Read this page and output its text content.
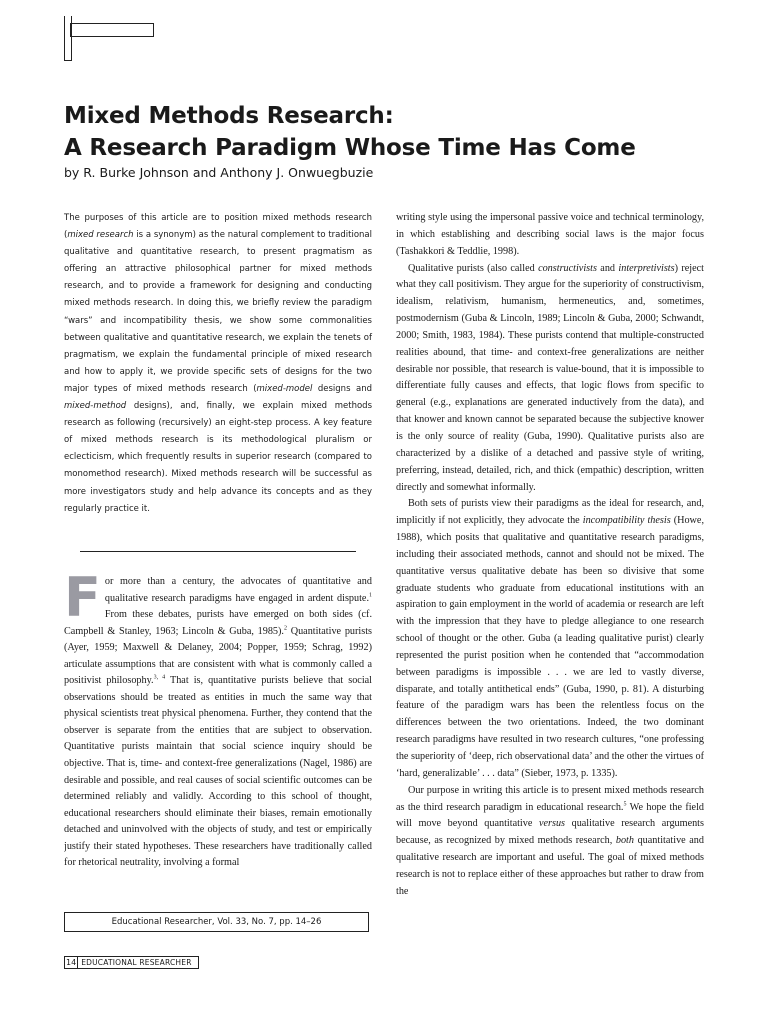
Mixed Methods Research:
A Research Paradigm Whose Time Has Come
by R. Burke Johnson and Anthony J. Onwuegbuzie

The purposes of this article are to position mixed methods research (mixed research is a synonym) as the natural complement to traditional qualitative and quantitative research, to present pragmatism as offering an attractive philosophical partner for mixed methods research, and to provide a framework for designing and conducting mixed methods research. In doing this, we briefly review the paradigm “wars” and incompatibility thesis, we show some commonalities between qualitative and quantitative research, we explain the tenets of pragmatism, we explain the fundamental principle of mixed research and how to apply it, we provide specific sets of designs for the two major types of mixed methods research (mixed-model designs and mixed-method designs), and, finally, we explain mixed methods research as following (recursively) an eight-step process. A key feature of mixed methods research is its methodological pluralism or eclecticism, which frequently results in superior research (compared to monomethod research). Mixed methods research will be successful as more investigators study and help advance its concepts and as they regularly practice it.

For more than a century, the advocates of quantitative and qualitative research paradigms have engaged in ardent dispute.$^1$ From these debates, purists have emerged on both sides (cf. Campbell & Stanley, 1963; Lincoln & Guba, 1985).$^2$ Quantitative purists (Ayer, 1959; Maxwell & Delaney, 2004; Popper, 1959; Schrag, 1992) articulate assumptions that are consistent with what is commonly called a positivist philosophy.$^{3, 4}$ That is, quantitative purists believe that social observations should be treated as entities in much the same way that physical scientists treat physical phenomena. Further, they contend that the observer is separate from the entities that are subject to observation. Quantitative purists maintain that social science inquiry should be objective. That is, time- and context-free generalizations (Nagel, 1986) are desirable and possible, and real causes of social scientific outcomes can be determined reliably and validly. According to this school of thought, educational researchers should eliminate their biases, remain emotionally detached and uninvolved with the objects of study, and test or empirically justify their stated hypotheses. These researchers have traditionally called for rhetorical neutrality, involving a formal

writing style using the impersonal passive voice and technical terminology, in which establishing and describing social laws is the major focus (Tashakkori & Teddlie, 1998).

Qualitative purists (also called constructivists and interpretivists) reject what they call positivism. They argue for the superiority of constructivism, idealism, relativism, humanism, hermeneutics, and, sometimes, postmodernism (Guba & Lincoln, 1989; Lincoln & Guba, 2000; Schwandt, 2000; Smith, 1983, 1984). These purists contend that multiple-constructed realities abound, that time- and context-free generalizations are neither desirable nor possible, that research is value-bound, that it is impossible to differentiate fully causes and effects, that logic flows from specific to general (e.g., explanations are generated inductively from the data), and that knower and known cannot be separated because the subjective knower is the only source of reality (Guba, 1990). Qualitative purists also are characterized by a dislike of a detached and passive style of writing, preferring, instead, detailed, rich, and thick (empathic) description, written directly and somewhat informally.

Both sets of purists view their paradigms as the ideal for research, and, implicitly if not explicitly, they advocate the incompatibility thesis (Howe, 1988), which posits that qualitative and quantitative research paradigms, including their associated methods, cannot and should not be mixed. The quantitative versus qualitative debate has been so divisive that some graduate students who graduate from educational institutions with an aspiration to gain employment in the world of academia or research are left with the impression that they have to pledge allegiance to one research school of thought or the other. Guba (a leading qualitative purist) clearly represented the purist position when he contended that “accommodation between paradigms is impossible . . . we are led to vastly diverse, disparate, and totally antithetical ends” (Guba, 1990, p. 81). A disturbing feature of the paradigm wars has been the relentless focus on the differences between the two orientations. Indeed, the two dominant research paradigms have resulted in two research cultures, “one professing the superiority of ‘deep, rich observational data’ and the other the virtues of ‘hard, generalizable’ . . . data” (Sieber, 1973, p. 1335).

Our purpose in writing this article is to present mixed methods research as the third research paradigm in educational research.$^5$ We hope the field will move beyond quantitative versus qualitative research arguments because, as recognized by mixed methods research, both quantitative and qualitative research are important and useful. The goal of mixed methods research is not to replace either of these approaches but rather to draw from the

Educational Researcher, Vol. 33, No. 7, pp. 14–26
14 EDUCATIONAL RESEARCHER
